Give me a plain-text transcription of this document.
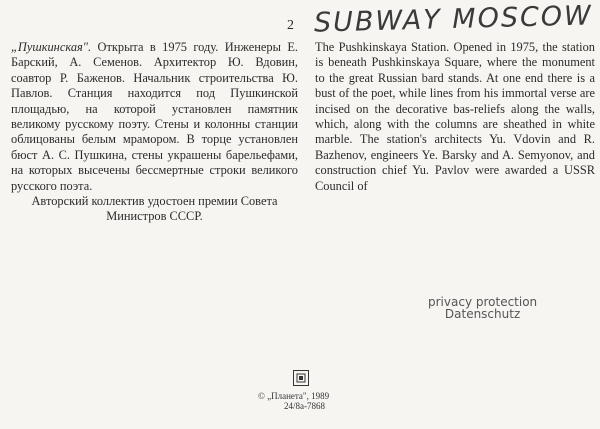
2 SUBWAY MOSCOW

„Пушкинская". Открыта в 1975 году. Инженеры Е. Барский, А. Семенов. Архитектор Ю. Вдовин, соавтор Р. Баженов. Начальник строительства Ю. Павлов. Станция находится под Пушкинской площадью, на которой установлен памятник великому русскому поэту. Стены и колонны станции облицованы белым мрамором. В торце установлен бюст А. С. Пушкина, стены украшены барельефами, на которых высечены бессмертные строки великого русского поэта.

Авторский коллектив удостоен премии Совета Министров СССР.

The Pushkinskaya Station. Opened in 1975, the station is beneath Pushkinskaya Square, where the monument to the great Russian bard stands. At one end there is a bust of the poet, while lines from his immortal verse are incised on the decorative bas-reliefs along the walls, which, along with the columns are sheathed in white marble. The station's architects Yu. Vdovin and R. Bazhenov, engineers Ye. Barsky and A. Semyonov, and construction chief Yu. Pavlov were awarded a USSR Council of

privacy protection
Datenschutz
© „Планета", 1989
24/8а-7868
